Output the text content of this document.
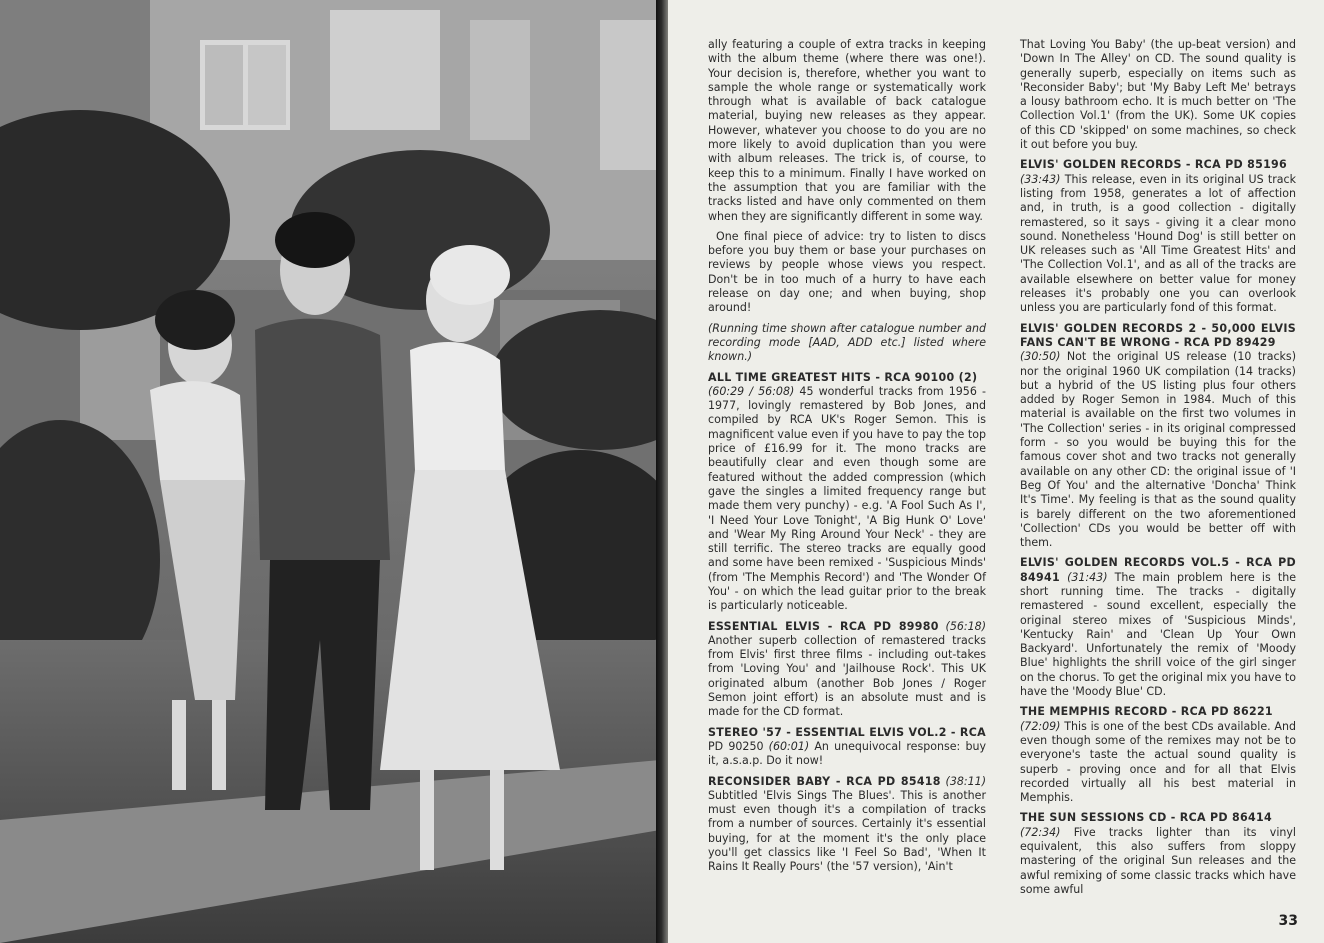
ally featuring a couple of extra tracks in keeping with the album theme (where there was one!). Your decision is, therefore, whether you want to sample the whole range or systematically work through what is available of back catalogue material, buying new releases as they appear. However, whatever you choose to do you are no more likely to avoid duplication than you were with album releases. The trick is, of course, to keep this to a minimum. Finally I have worked on the assumption that you are familiar with the tracks listed and have only commented on them when they are significantly different in some way.

One final piece of advice: try to listen to discs before you buy them or base your purchases on reviews by people whose views you respect. Don't be in too much of a hurry to have each release on day one; and when buying, shop around!

(Running time shown after catalogue number and recording mode [AAD, ADD etc.] listed where known.)

ALL TIME GREATEST HITS - RCA 90100 (2)
(60:29 / 56:08) 45 wonderful tracks from 1956 - 1977, lovingly remastered by Bob Jones, and compiled by RCA UK's Roger Semon. This is magnificent value even if you have to pay the top price of £16.99 for it. The mono tracks are beautifully clear and even though some are featured without the added compression (which gave the singles a limited frequency range but made them very punchy) - e.g. 'A Fool Such As I', 'I Need Your Love Tonight', 'A Big Hunk O' Love' and 'Wear My Ring Around Your Neck' - they are still terrific. The stereo tracks are equally good and some have been remixed - 'Suspicious Minds' (from 'The Memphis Record') and 'The Wonder Of You' - on which the lead guitar prior to the break is particularly noticeable.

ESSENTIAL ELVIS - RCA PD 89980 (56:18) Another superb collection of remastered tracks from Elvis' first three films - including out-takes from 'Loving You' and 'Jailhouse Rock'. This UK originated album (another Bob Jones / Roger Semon joint effort) is an absolute must and is made for the CD format.

STEREO '57 - ESSENTIAL ELVIS VOL.2 - RCA PD 90250 (60:01) An unequivocal response: buy it, a.s.a.p. Do it now!

RECONSIDER BABY - RCA PD 85418 (38:11) Subtitled 'Elvis Sings The Blues'. This is another must even though it's a compilation of tracks from a number of sources. Certainly it's essential buying, for at the moment it's the only place you'll get classics like 'I Feel So Bad', 'When It Rains It Really Pours' (the '57 version), 'Ain't

That Loving You Baby' (the up-beat version) and 'Down In The Alley' on CD. The sound quality is generally superb, especially on items such as 'Reconsider Baby'; but 'My Baby Left Me' betrays a lousy bathroom echo. It is much better on 'The Collection Vol.1' (from the UK). Some UK copies of this CD 'skipped' on some machines, so check it out before you buy.

ELVIS' GOLDEN RECORDS - RCA PD 85196
(33:43) This release, even in its original US track listing from 1958, generates a lot of affection and, in truth, is a good collection - digitally remastered, so it says - giving it a clear mono sound. Nonetheless 'Hound Dog' is still better on UK releases such as 'All Time Greatest Hits' and 'The Collection Vol.1', and as all of the tracks are available elsewhere on better value for money releases it's probably one you can overlook unless you are particularly fond of this format.

ELVIS' GOLDEN RECORDS 2 - 50,000 ELVIS FANS CAN'T BE WRONG - RCA PD 89429
(30:50) Not the original US release (10 tracks) nor the original 1960 UK compilation (14 tracks) but a hybrid of the US listing plus four others added by Roger Semon in 1984. Much of this material is available on the first two volumes in 'The Collection' series - in its original compressed form - so you would be buying this for the famous cover shot and two tracks not generally available on any other CD: the original issue of 'I Beg Of You' and the alternative 'Doncha' Think It's Time'. My feeling is that as the sound quality is barely different on the two aforementioned 'Collection' CDs you would be better off with them.

ELVIS' GOLDEN RECORDS VOL.5 - RCA PD 84941 (31:43) The main problem here is the short running time. The tracks - digitally remastered - sound excellent, especially the original stereo mixes of 'Suspicious Minds', 'Kentucky Rain' and 'Clean Up Your Own Backyard'. Unfortunately the remix of 'Moody Blue' highlights the shrill voice of the girl singer on the chorus. To get the original mix you have to have the 'Moody Blue' CD.

THE MEMPHIS RECORD - RCA PD 86221
(72:09) This is one of the best CDs available. And even though some of the remixes may not be to everyone's taste the actual sound quality is superb - proving once and for all that Elvis recorded virtually all his best material in Memphis.

THE SUN SESSIONS CD - RCA PD 86414
(72:34) Five tracks lighter than its vinyl equivalent, this also suffers from sloppy mastering of the original Sun releases and the awful remixing of some classic tracks which have some awful

33
